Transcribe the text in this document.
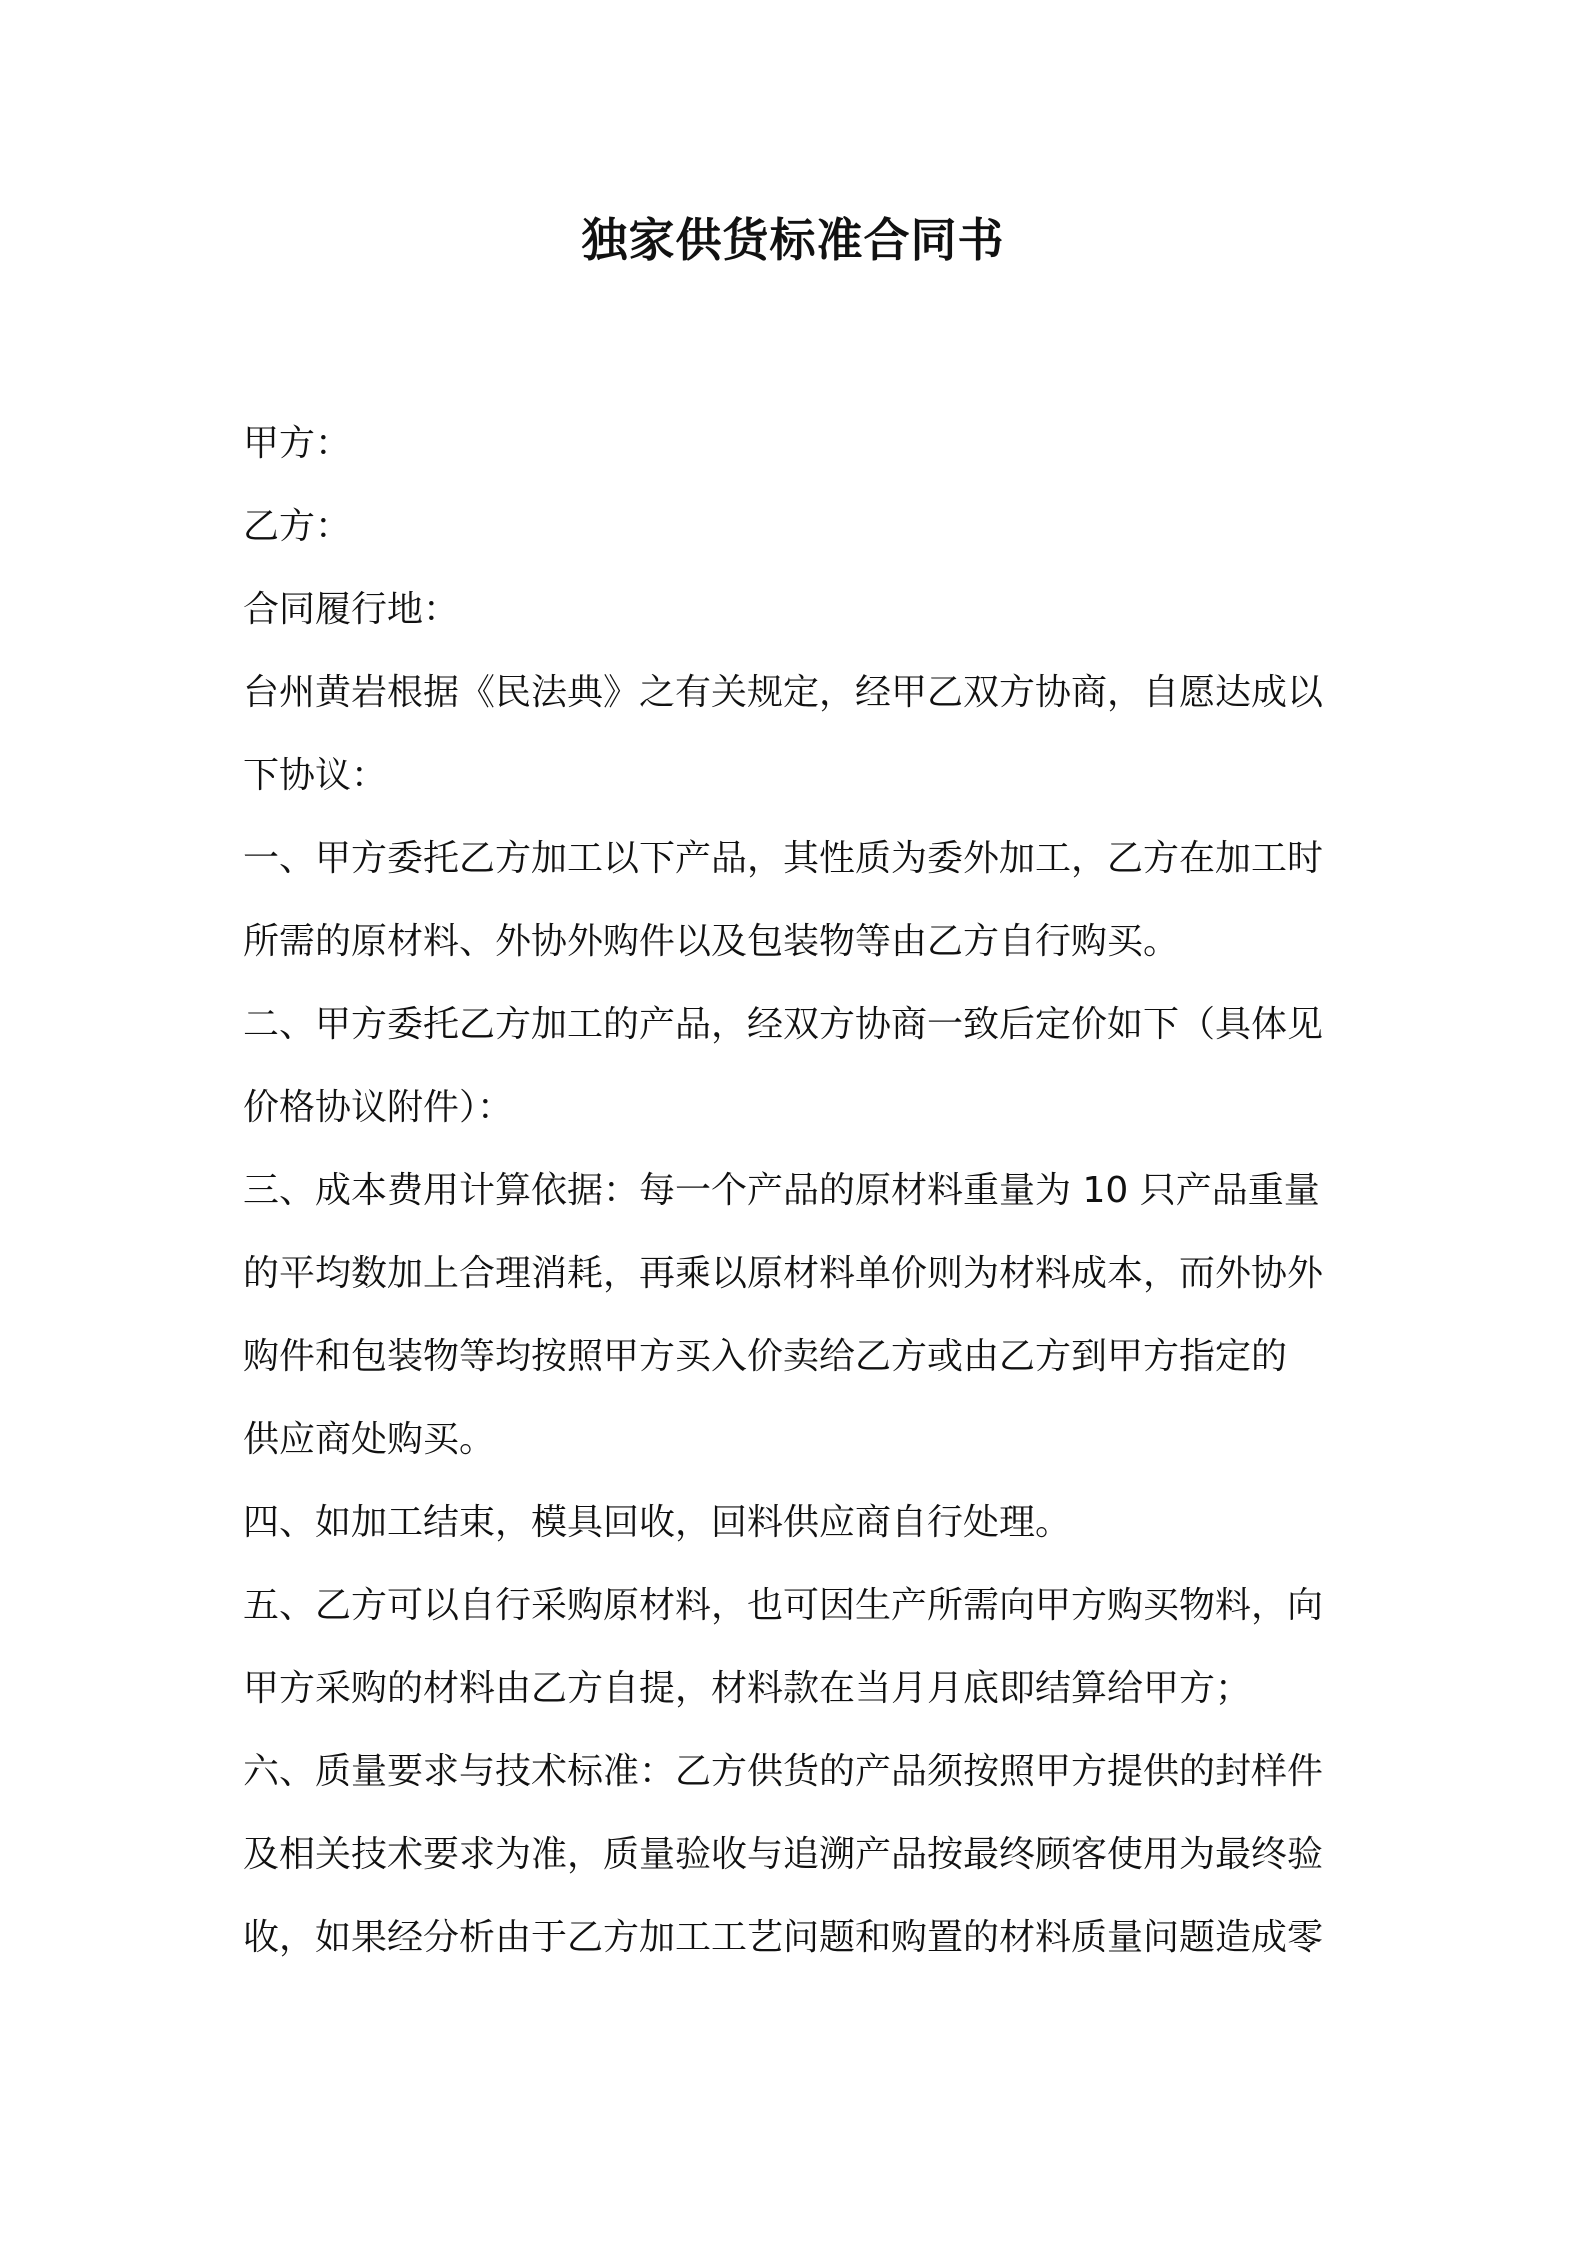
独家供货标准合同书

甲方：

乙方：

合同履行地：

台州黄岩根据《民法典》之有关规定，经甲乙双方协商，自愿达成以
下协议：

一、甲方委托乙方加工以下产品，其性质为委外加工，乙方在加工时
所需的原材料、外协外购件以及包装物等由乙方自行购买。

二、甲方委托乙方加工的产品，经双方协商一致后定价如下（具体见
价格协议附件）：

三、成本费用计算依据：每一个产品的原材料重量为 10 只产品重量
的平均数加上合理消耗，再乘以原材料单价则为材料成本，而外协外
购件和包装物等均按照甲方买入价卖给乙方或由乙方到甲方指定的
供应商处购买。

四、如加工结束，模具回收，回料供应商自行处理。

五、乙方可以自行采购原材料，也可因生产所需向甲方购买物料，向
甲方采购的材料由乙方自提，材料款在当月月底即结算给甲方；

六、质量要求与技术标准：乙方供货的产品须按照甲方提供的封样件
及相关技术要求为准，质量验收与追溯产品按最终顾客使用为最终验
收，如果经分析由于乙方加工工艺问题和购置的材料质量问题造成零
